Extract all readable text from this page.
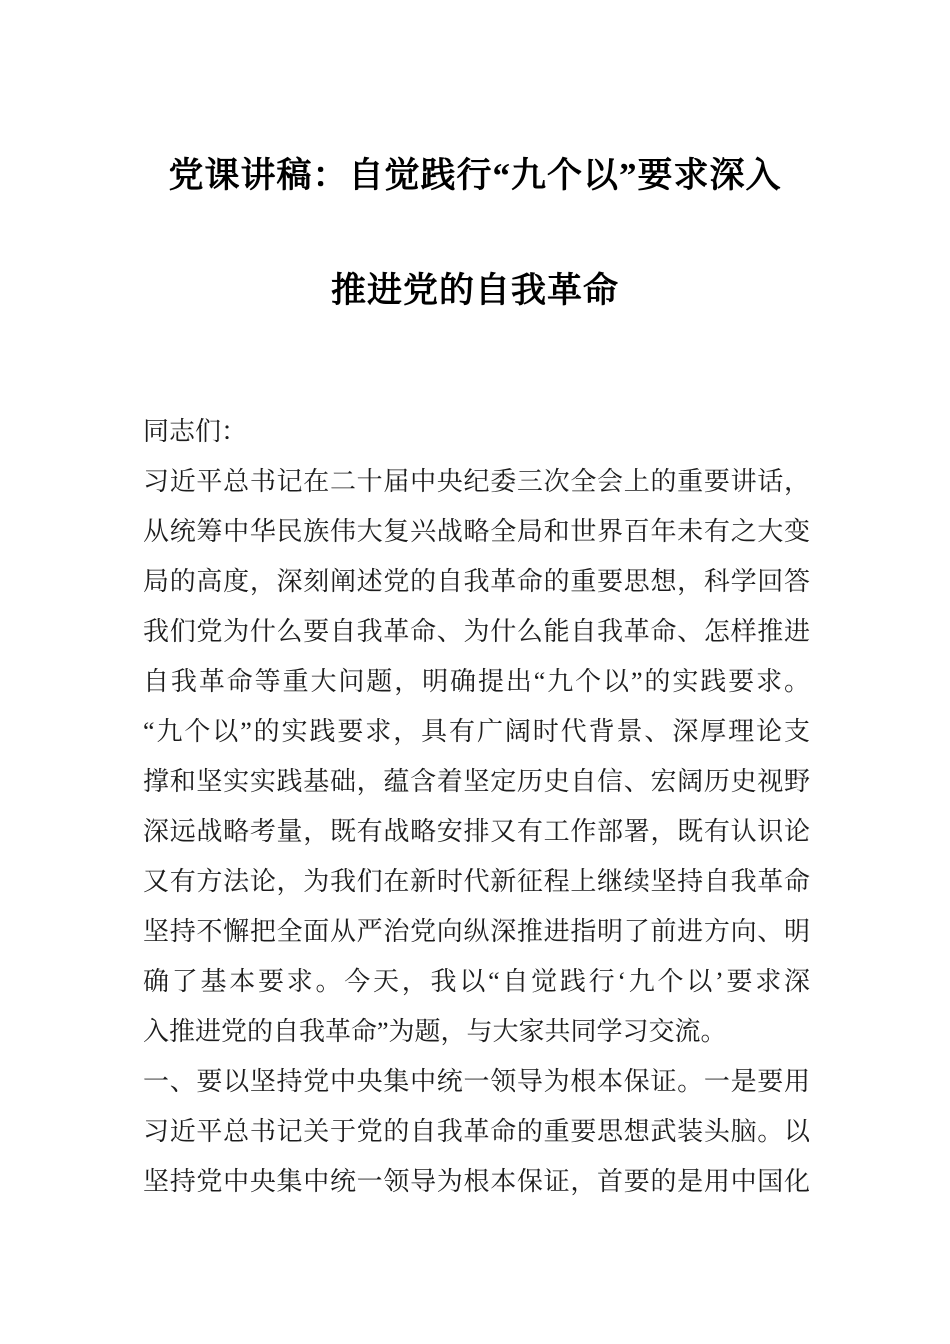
党课讲稿：自觉践行“九个以”要求深入
推进党的自我革命
同志们：
习近平总书记在二十届中央纪委三次全会上的重要讲话，
从统筹中华民族伟大复兴战略全局和世界百年未有之大变
局的高度，深刻阐述党的自我革命的重要思想，科学回答
我们党为什么要自我革命、为什么能自我革命、怎样推进
自我革命等重大问题，明确提出“九个以”的实践要求。
“九个以”的实践要求，具有广阔时代背景、深厚理论支
撑和坚实实践基础，蕴含着坚定历史自信、宏阔历史视野
深远战略考量，既有战略安排又有工作部署，既有认识论
又有方法论，为我们在新时代新征程上继续坚持自我革命
坚持不懈把全面从严治党向纵深推进指明了前进方向、明
确了基本要求。今天，我以“自觉践行‘九个以’要求深
入推进党的自我革命”为题，与大家共同学习交流。
一、要以坚持党中央集中统一领导为根本保证。一是要用
习近平总书记关于党的自我革命的重要思想武装头脑。以
坚持党中央集中统一领导为根本保证，首要的是用中国化
